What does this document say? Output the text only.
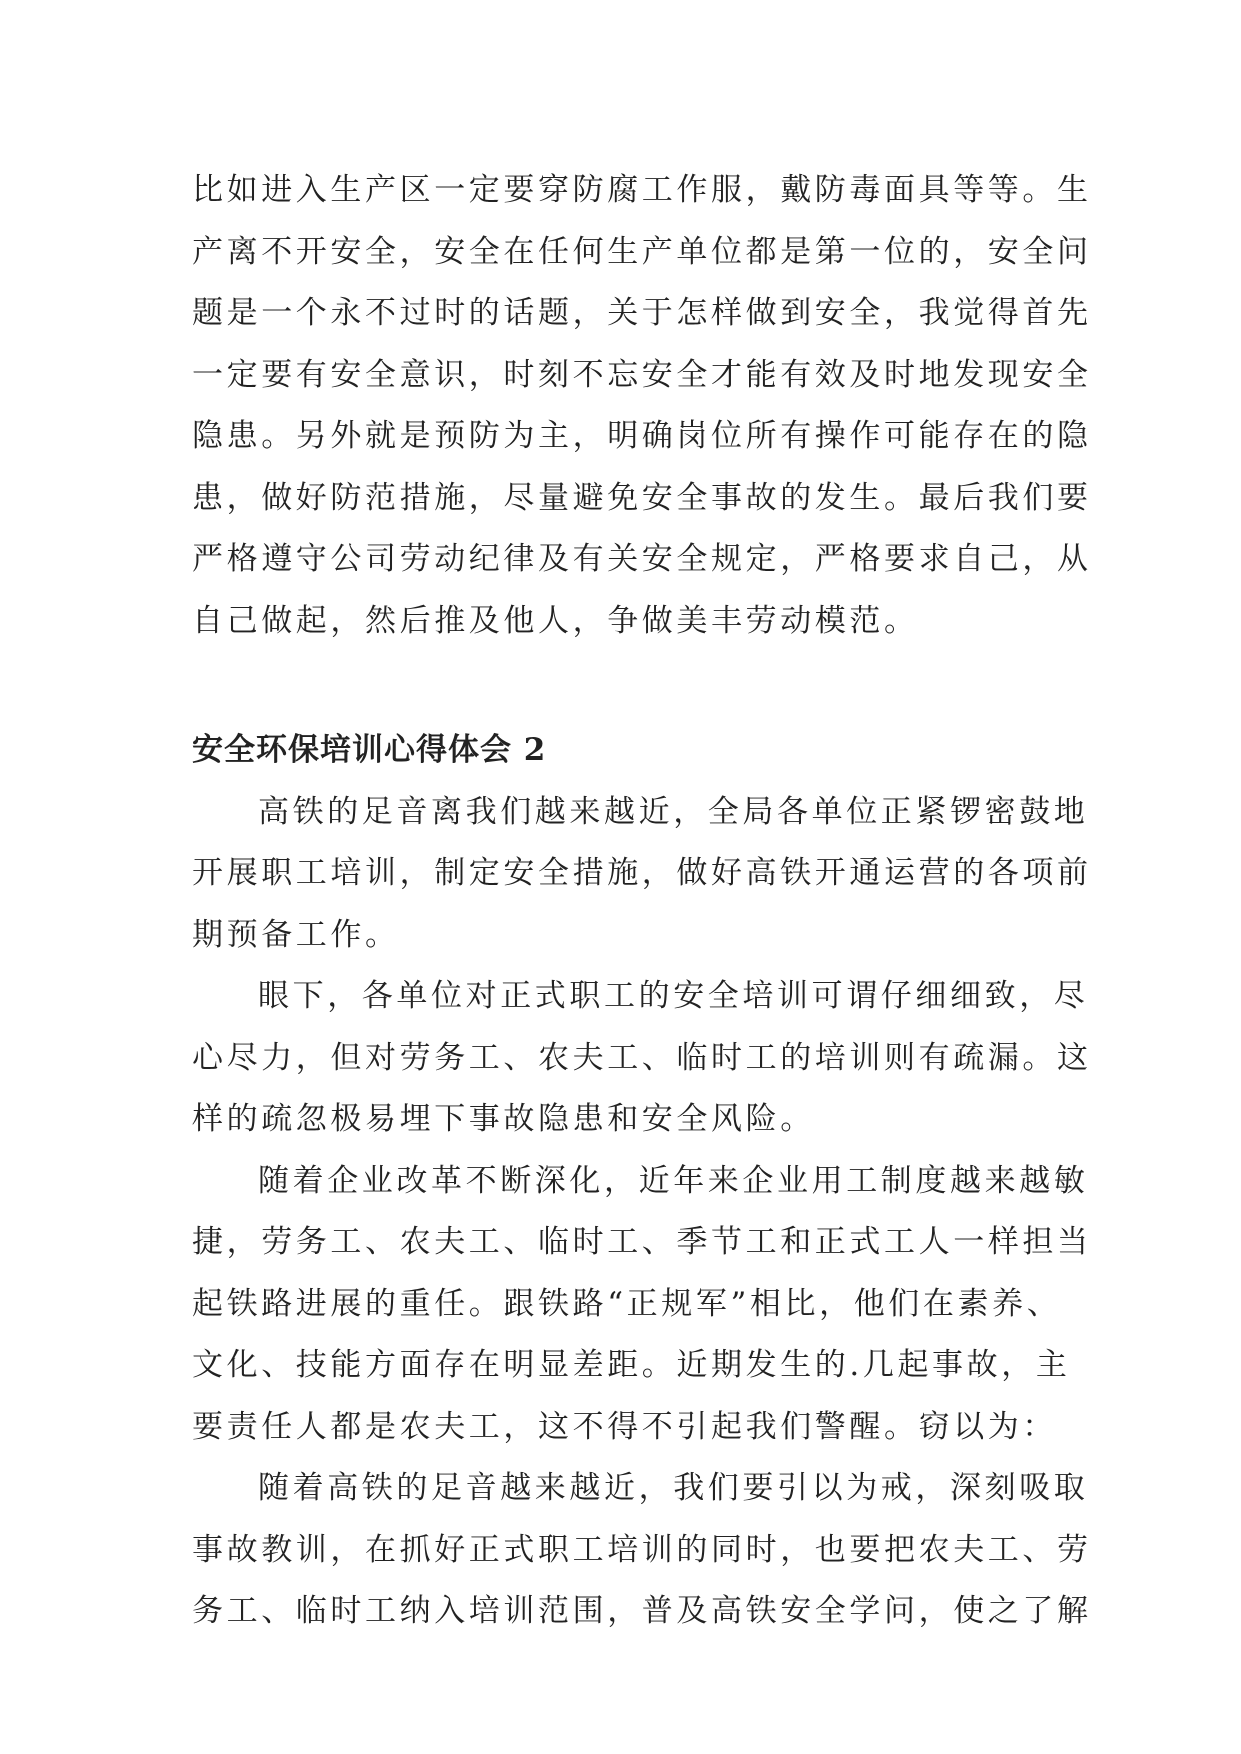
比如进入生产区一定要穿防腐工作服，戴防毒面具等等。生

产离不开安全，安全在任何生产单位都是第一位的，安全问

题是一个永不过时的话题，关于怎样做到安全，我觉得首先

一定要有安全意识，时刻不忘安全才能有效及时地发现安全

隐患。另外就是预防为主，明确岗位所有操作可能存在的隐

患，做好防范措施，尽量避免安全事故的发生。最后我们要

严格遵守公司劳动纪律及有关安全规定，严格要求自己，从

自己做起，然后推及他人，争做美丰劳动模范。

安全环保培训心得体会 2

高铁的足音离我们越来越近，全局各单位正紧锣密鼓地

开展职工培训，制定安全措施，做好高铁开通运营的各项前

期预备工作。

眼下，各单位对正式职工的安全培训可谓仔细细致，尽

心尽力，但对劳务工、农夫工、临时工的培训则有疏漏。这

样的疏忽极易埋下事故隐患和安全风险。

随着企业改革不断深化，近年来企业用工制度越来越敏

捷，劳务工、农夫工、临时工、季节工和正式工人一样担当

起铁路进展的重任。跟铁路“正规军”相比，他们在素养、

文化、技能方面存在明显差距。近期发生的.几起事故，主

要责任人都是农夫工，这不得不引起我们警醒。窃以为：

随着高铁的足音越来越近，我们要引以为戒，深刻吸取

事故教训，在抓好正式职工培训的同时，也要把农夫工、劳

务工、临时工纳入培训范围，普及高铁安全学问，使之了解
